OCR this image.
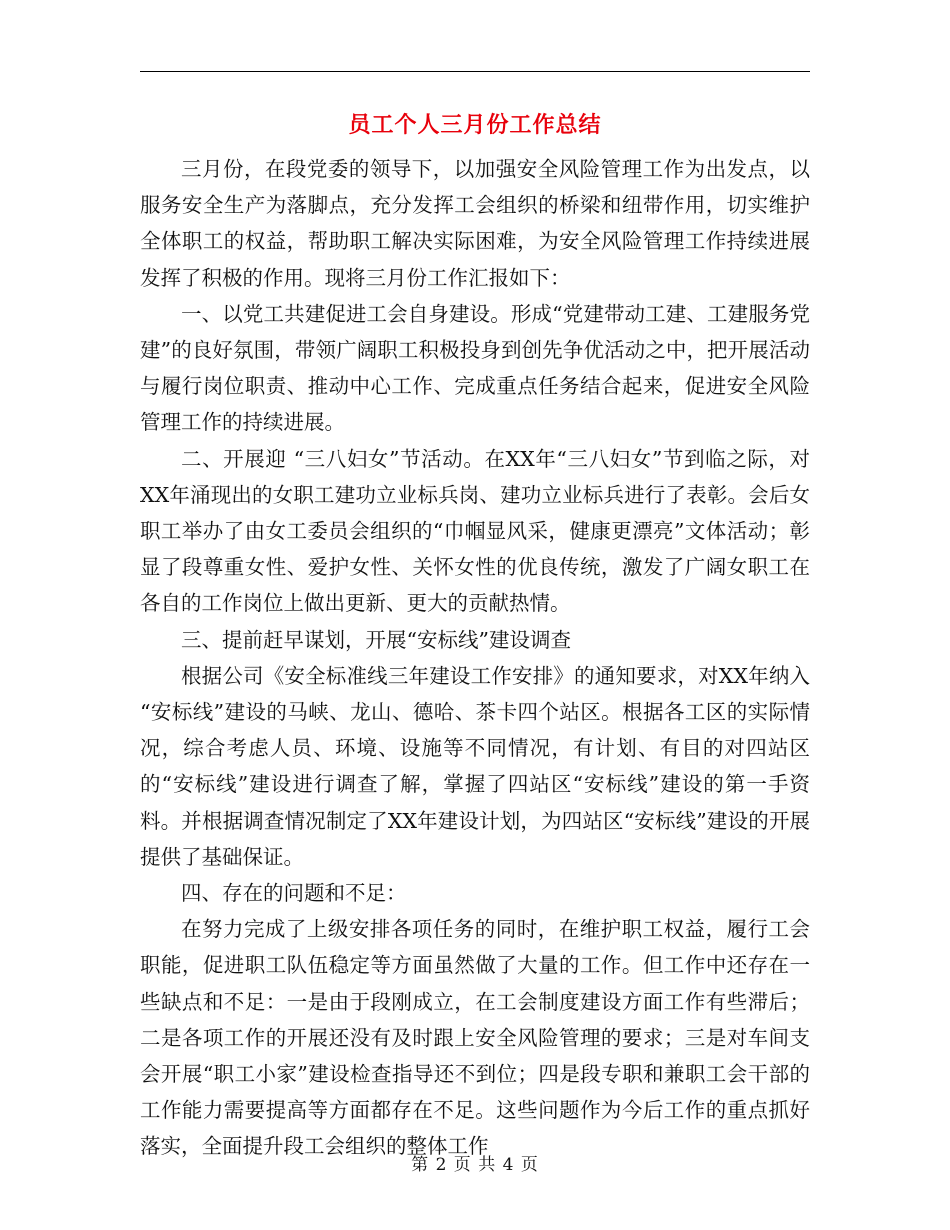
员工个人三月份工作总结

三月份，在段党委的领导下，以加强安全风险管理工作为出发点，以服务安全生产为落脚点，充分发挥工会组织的桥梁和纽带作用，切实维护全体职工的权益，帮助职工解决实际困难，为安全风险管理工作持续进展发挥了积极的作用。现将三月份工作汇报如下：

一、以党工共建促进工会自身建设。形成“党建带动工建、工建服务党建”的良好氛围，带领广阔职工积极投身到创先争优活动之中，把开展活动与履行岗位职责、推动中心工作、完成重点任务结合起来，促进安全风险管理工作的持续进展。

二、开展迎 “三八妇女”节活动。在XX年“三八妇女”节到临之际，对XX年涌现出的女职工建功立业标兵岗、建功立业标兵进行了表彰。会后女职工举办了由女工委员会组织的“巾帼显风采，健康更漂亮”文体活动；彰显了段尊重女性、爱护女性、关怀女性的优良传统，激发了广阔女职工在各自的工作岗位上做出更新、更大的贡献热情。

三、提前赶早谋划，开展“安标线”建设调查

根据公司《安全标准线三年建设工作安排》的通知要求，对XX年纳入 “安标线”建设的马峡、龙山、德哈、茶卡四个站区。根据各工区的实际情况，综合考虑人员、环境、设施等不同情况，有计划、有目的对四站区的“安标线”建设进行调查了解，掌握了四站区“安标线”建设的第一手资料。并根据调查情况制定了XX年建设计划，为四站区“安标线”建设的开展提供了基础保证。

四、存在的问题和不足：

在努力完成了上级安排各项任务的同时，在维护职工权益，履行工会职能，促进职工队伍稳定等方面虽然做了大量的工作。但工作中还存在一些缺点和不足：一是由于段刚成立，在工会制度建设方面工作有些滞后；二是各项工作的开展还没有及时跟上安全风险管理的要求；三是对车间支会开展“职工小家”建设检查指导还不到位；四是段专职和兼职工会干部的工作能力需要提高等方面都存在不足。这些问题作为今后工作的重点抓好落实，全面提升段工会组织的整体工作

第 2 页 共 4 页
